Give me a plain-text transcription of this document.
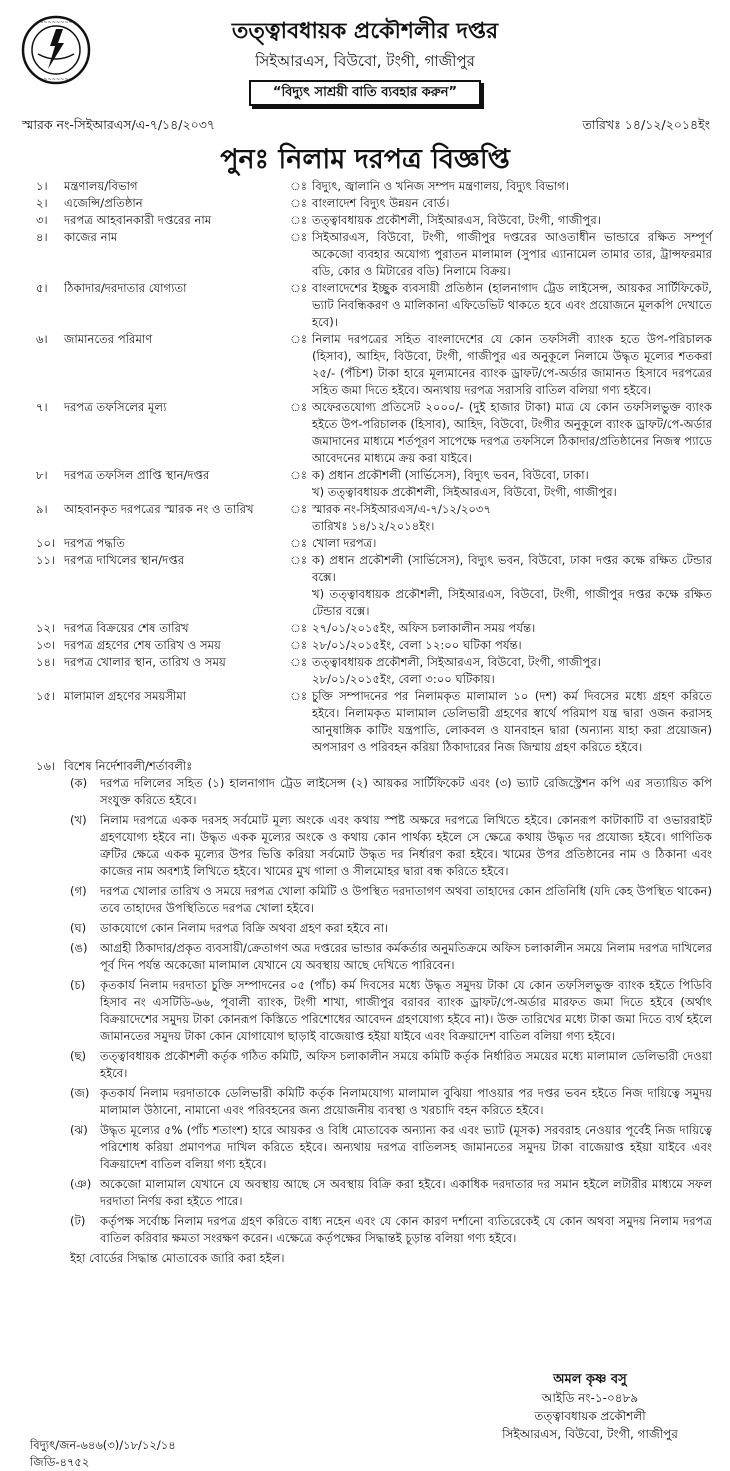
~~~~~~~~
~~~~~~~~
তত্ত্বাবধায়ক প্রকৌশলীর দপ্তর
সিইআরএস, বিউবো, টংগী, গাজীপুর
“বিদ্যুৎ সাশ্রয়ী বাতি ব্যবহার করুন”
স্মারক নং-সিইআরএস/এ-৭/১৪/২০৩৭	তারিখঃ ১৪/১২/২০১৪ইং
পুনঃ নিলাম দরপত্র বিজ্ঞপ্তি
১। মন্ত্রণালয়/বিভাগ	ঃ বিদ্যুৎ, জ্বালানি ও খনিজ সম্পদ মন্ত্রণালয়, বিদ্যুৎ বিভাগ।
২। এজেন্সি/প্রতিষ্ঠান	ঃ বাংলাদেশ বিদ্যুৎ উন্নয়ন বোর্ড।
৩। দরপত্র আহবানকারী দপ্তরের নাম	ঃ তত্ত্বাবধায়ক প্রকৌশলী, সিইআরএস, বিউবো, টংগী, গাজীপুর।
৪। কাজের নাম	ঃ সিইআরএস, বিউবো, টংগী, গাজীপুর দপ্তরের আওতাধীন ভান্ডারে রক্ষিত সম্পূর্ণ অকেজো ব্যবহার অযোগ্য পুরাতন মালামাল (সুপার এ্যানামেল তামার তার, ট্রান্সফরমার বডি, কোর ও মিটারের বডি) নিলামে বিক্রয়।
৫। ঠিকাদার/দরদাতার যোগ্যতা	ঃ বাংলাদেশের ইচ্ছুক ব্যবসায়ী প্রতিষ্ঠান (হালনাগাদ ট্রেড লাইসেন্স, আয়কর সার্টিফিকেট, ভ্যাট নিবন্ধিকরণ ও মালিকানা এফিডেভিট থাকতে হবে এবং প্রয়োজনে মূলকপি দেখাতে হবে)।
৬। জামানতের পরিমাণ	ঃ নিলাম দরপত্রের সহিত বাংলাদেশের যে কোন তফসিলী ব্যাংক হতে উপ-পরিচালক (হিসাব), আহিদ, বিউবো, টংগী, গাজীপুর এর অনুকূলে নিলামে উদ্ধৃত মূল্যের শতকরা ২৫/- (পঁচিশ) টাকা হারে মূল্যমানের ব্যাংক ড্রাফট/পে-অর্ডার জামানত হিসাবে দরপত্রের সহিত জমা দিতে হইবে। অন্যথায় দরপত্র সরাসরি বাতিল বলিয়া গণ্য হইবে।
৭। দরপত্র তফসিলের মূল্য	ঃ অফেরতযোগ্য প্রতিসেট ২০০০/- (দুই হাজার টাকা) মাত্র যে কোন তফসিলভুক্ত ব্যাংক হইতে উপ-পরিচালক (হিসাব), আহিদ, বিউবো, টংগীর অনুকূলে ব্যাংক ড্রাফট/পে-অর্ডার জমাদানের মাধ্যমে শর্তপূরণ সাপেক্ষে দরপত্র তফসিলে ঠিকাদার/প্রতিষ্ঠানের নিজস্ব প্যাডে আবেদনের মাধ্যমে ক্রয় করা যাইবে।
৮। দরপত্র তফসিল প্রাপ্তি স্থান/দপ্তর	ঃ ক) প্রধান প্রকৌশলী (সার্ভিসেস), বিদ্যুৎ ভবন, বিউবো, ঢাকা।
খ) তত্ত্বাবধায়ক প্রকৌশলী, সিইআরএস, বিউবো, টংগী, গাজীপুর।
৯। আহবানকৃত দরপত্রের স্মারক নং ও তারিখ	ঃ স্মারক নং-সিইআরএস/এ-৭/১২/২০৩৭
তারিখঃ ১৪/১২/২০১৪ইং।
১০। দরপত্র পদ্ধতি	ঃ খোলা দরপত্র।
১১। দরপত্র দাখিলের স্থান/দপ্তর	ঃ ক) প্রধান প্রকৌশলী (সার্ভিসেস), বিদ্যুৎ ভবন, বিউবো, ঢাকা দপ্তর কক্ষে রক্ষিত টেন্ডার বক্সে।
খ) তত্ত্বাবধায়ক প্রকৌশলী, সিইআরএস, বিউবো, টংগী, গাজীপুর দপ্তর কক্ষে রক্ষিত টেন্ডার বক্সে।
১২। দরপত্র বিক্রয়ের শেষ তারিখ	ঃ ২৭/০১/২০১৫ইং, অফিস চলাকালীন সময় পর্যন্ত।
১৩। দরপত্র গ্রহণের শেষ তারিখ ও সময়	ঃ ২৮/০১/২০১৫ইং, বেলা ১২:০০ ঘটিকা পর্যন্ত।
১৪। দরপত্র খোলার স্থান, তারিখ ও সময়	ঃ তত্ত্বাবধায়ক প্রকৌশলী, সিইআরএস, বিউবো, টংগী, গাজীপুর।
২৮/০১/২০১৫ইং, বেলা ৩:০০ ঘটিকায়।
১৫। মালামাল গ্রহণের সময়সীমা	ঃ চুক্তি সম্পাদনের পর নিলামকৃত মালামাল ১০ (দশ) কর্ম দিবসের মধ্যে গ্রহণ করিতে হইবে। নিলামকৃত মালামাল ডেলিভারী গ্রহণের স্বার্থে পরিমাপ যন্ত্র দ্বারা ওজন করাসহ আনুষাঙ্গিক কাটিং যন্ত্রপাতি, লোকবল ও যানবাহন দ্বারা (অন্যান্য যাহা করা প্রয়োজন) অপসারণ ও পরিবহন করিয়া ঠিকাদারের নিজ জিম্মায় গ্রহণ করিতে হইবে।
১৬। বিশেষ নির্দেশাবলী/শর্তাবলীঃ
(ক) দরপত্র দলিলের সহিত (১) হালনাগাদ ট্রেড লাইসেন্স (২) আয়কর সার্টিফিকেট এবং (৩) ভ্যাট রেজিস্ট্রেশন কপি এর সত্যায়িত কপি সংযুক্ত করিতে হইবে।
(খ) নিলাম দরপত্রে একক দরসহ সর্বমোট মূল্য অংকে এবং কথায় স্পষ্ট অক্ষরে দরপত্রে লিখিতে হইবে। কোনরূপ কাটাকাটি বা ওভাররাইট গ্রহণযোগ্য হইবে না। উদ্ধৃত একক মূল্যের অংকে ও কথায় কোন পার্থক্য হইলে সে ক্ষেত্রে কথায় উদ্ধৃত দর প্রযোজ্য হইবে। গাণিতিক ত্রুটির ক্ষেত্রে একক মূল্যের উপর ভিত্তি করিয়া সর্বমোট উদ্ধৃত দর নির্ধারণ করা হইবে। খামের উপর প্রতিষ্ঠানের নাম ও ঠিকানা এবং কাজের নাম অবশ্যই লিখিতে হইবে। খামের মুখ গালা ও সীলমোহর দ্বারা বন্ধ করিতে হইবে।
(গ) দরপত্র খোলার তারিখ ও সময়ে দরপত্র খোলা কমিটি ও উপস্থিত দরদাতাগণ অথবা তাহাদের কোন প্রতিনিধি (যদি কেহ উপস্থিত থাকেন) তবে তাহাদের উপস্থিতিতে দরপত্র খোলা হইবে।
(ঘ) ডাকযোগে কোন নিলাম দরপত্র বিক্রি অথবা গ্রহণ করা হইবে না।
(ঙ) আগ্রহী ঠিকাদার/প্রকৃত ব্যবসায়ী/ক্রেতাগণ অত্র দপ্তরের ভান্ডার কর্মকর্তার অনুমতিক্রমে অফিস চলাকালীন সময়ে নিলাম দরপত্র দাখিলের পূর্ব দিন পর্যন্ত অকেজো মালামাল যেখানে যে অবস্থায় আছে দেখিতে পারিবেন।
(চ) কৃতকার্য নিলাম দরদাতা চুক্তি সম্পাদনের ০৫ (পাঁচ) কর্ম দিবসের মধ্যে উদ্ধৃত সমুদয় টাকা যে কোন তফসিলভুক্ত ব্যাংক হইতে পিডিবি হিসাব নং এসটিডি-৬৬, পূবালী ব্যাংক, টংগী শাখা, গাজীপুর বরাবর ব্যাংক ড্রাফট/পে-অর্ডার মারফত জমা দিতে হইবে (অর্থাৎ বিক্রয়াদেশের সমুদয় টাকা কোনরূপ কিস্তিতে পরিশোধের আবেদন গ্রহণযোগ্য হইবে না)। উক্ত তারিখের মধ্যে টাকা জমা দিতে ব্যর্থ হইলে জামানতের সমুদয় টাকা কোন যোগাযোগ ছাড়াই বাজেয়াপ্ত হইয়া যাইবে এবং বিক্রয়াদেশ বাতিল বলিয়া গণ্য হইবে।
(ছ) তত্ত্বাবধায়ক প্রকৌশলী কর্তৃক গঠিত কমিটি, অফিস চলাকালীন সময়ে কমিটি কর্তৃক নির্ধারিত সময়ের মধ্যে মালামাল ডেলিভারী দেওয়া হইবে।
(জ) কৃতকার্য নিলাম দরদাতাকে ডেলিভারী কমিটি কর্তৃক নিলামযোগ্য মালামাল বুঝিয়া পাওয়ার পর দপ্তর ভবন হইতে নিজ দায়িত্বে সমুদয় মালামাল উঠানো, নামানো এবং পরিবহনের জন্য প্রয়োজনীয় ব্যবস্থা ও খরচাদি বহন করিতে হইবে।
(ঝ) উদ্ধৃত মূল্যের ৫% (পাঁচ শতাংশ) হারে আয়কর ও বিধি মোতাবেক অন্যান্য কর এবং ভ্যাট (মূসক) সরবরাহ নেওয়ার পূর্বেই নিজ দায়িত্বে পরিশোধ করিয়া প্রমাণপত্র দাখিল করিতে হইবে। অন্যথায় দরপত্র বাতিলসহ জামানতের সমুদয় টাকা বাজেয়াপ্ত হইয়া যাইবে এবং বিক্রয়াদেশ বাতিল বলিয়া গণ্য হইবে।
(ঞ) অকেজো মালামাল যেখানে যে অবস্থায় আছে সে অবস্থায় বিক্রি করা হইবে। একাধিক দরদাতার দর সমান হইলে লটারীর মাধ্যমে সফল দরদাতা নির্ণয় করা হইতে পারে।
(ট) কর্তৃপক্ষ সর্বোচ্চ নিলাম দরপত্র গ্রহণ করিতে বাধ্য নহেন এবং যে কোন কারণ দর্শানো ব্যতিরেকেই যে কোন অথবা সমুদয় নিলাম দরপত্র বাতিল করিবার ক্ষমতা সংরক্ষণ করেন। এক্ষেত্রে কর্তৃপক্ষের সিদ্ধান্তই চূড়ান্ত বলিয়া গণ্য হইবে।
ইহা বোর্ডের সিদ্ধান্ত মোতাবেক জারি করা হইল।
অমল কৃষ্ণ বসু
আইডি নং-১-০৪৮৯
তত্ত্বাবধায়ক প্রকৌশলী
সিইআরএস, বিউবো, টংগী, গাজীপুর
বিদ্যুৎ/জন-৬৪৬(৩)/১৮/১২/১৪
জিডি-৪৭৫২
